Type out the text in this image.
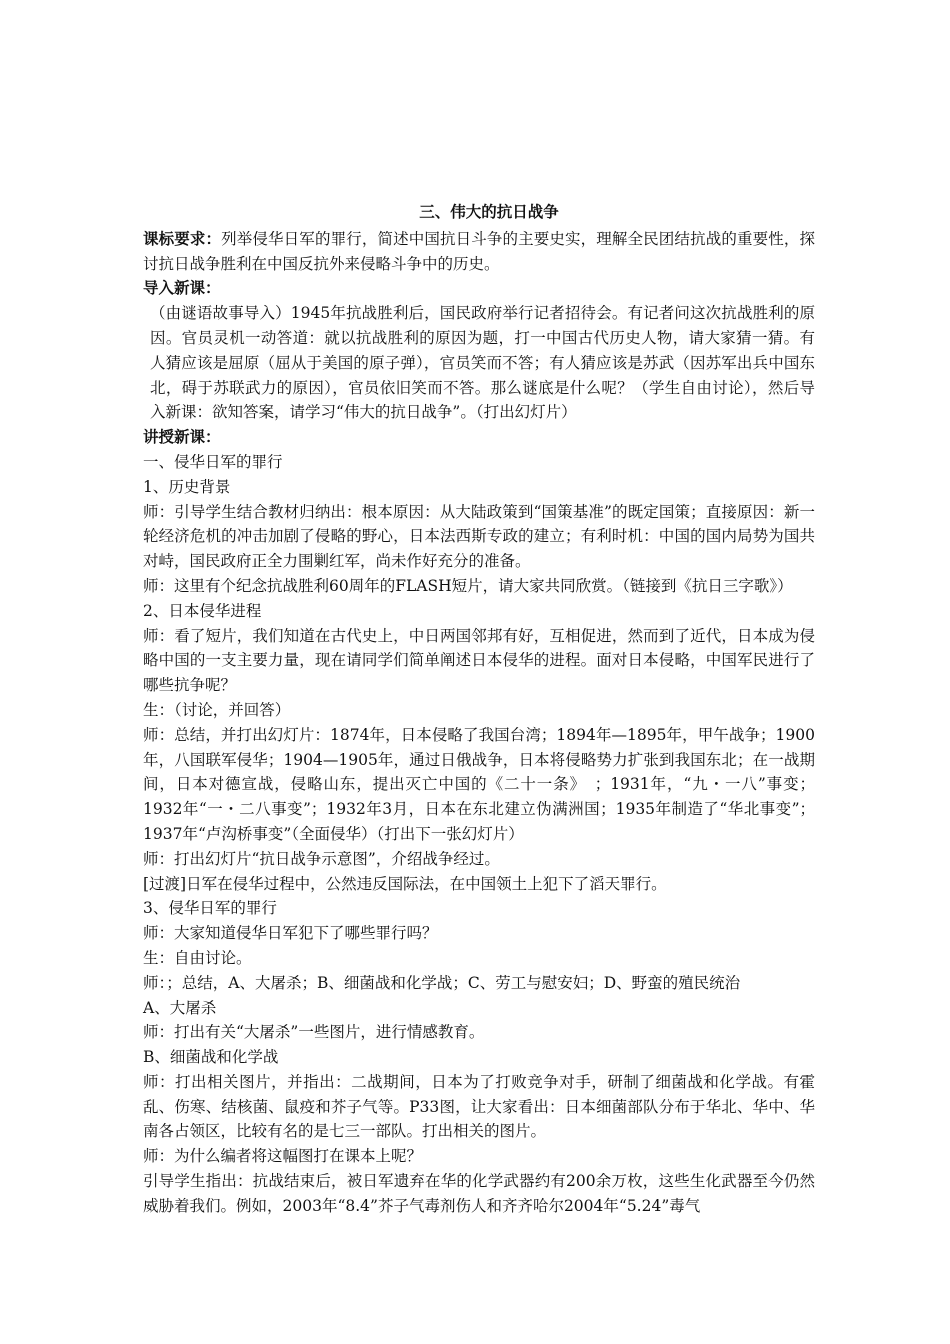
三、伟大的抗日战争

课标要求：列举侵华日军的罪行，简述中国抗日斗争的主要史实，理解全民团结抗战的重要性，探讨抗日战争胜利在中国反抗外来侵略斗争中的历史。

导入新课：

（由谜语故事导入）1945年抗战胜利后，国民政府举行记者招待会。有记者问这次抗战胜利的原因。官员灵机一动答道：就以抗战胜利的原因为题，打一中国古代历史人物，请大家猜一猜。有人猜应该是屈原（屈从于美国的原子弹），官员笑而不答；有人猜应该是苏武（因苏军出兵中国东北，碍于苏联武力的原因），官员依旧笑而不答。那么谜底是什么呢？（学生自由讨论），然后导入新课：欲知答案，请学习“伟大的抗日战争”。（打出幻灯片）

讲授新课：

一、侵华日军的罪行

1、历史背景

师：引导学生结合教材归纳出：根本原因：从大陆政策到“国策基准”的既定国策；直接原因：新一轮经济危机的冲击加剧了侵略的野心，日本法西斯专政的建立；有利时机：中国的国内局势为国共对峙，国民政府正全力围剿红军，尚未作好充分的准备。

师：这里有个纪念抗战胜利60周年的FLASH短片，请大家共同欣赏。（链接到《抗日三字歌》）

2、日本侵华进程

师：看了短片，我们知道在古代史上，中日两国邻邦有好，互相促进，然而到了近代，日本成为侵略中国的一支主要力量，现在请同学们简单阐述日本侵华的进程。面对日本侵略，中国军民进行了哪些抗争呢？

生：（讨论，并回答）

师：总结，并打出幻灯片：1874年，日本侵略了我国台湾；1894年—1895年，甲午战争；1900年，八国联军侵华；1904—1905年，通过日俄战争，日本将侵略势力扩张到我国东北；在一战期间，日本对德宣战，侵略山东，提出灭亡中国的《二十一条》　；1931年，“九・一八”事变；1932年“一・二八事变”；1932年3月，日本在东北建立伪满洲国；1935年制造了“华北事变”；1937年“卢沟桥事变”（全面侵华）（打出下一张幻灯片）

师：打出幻灯片“抗日战争示意图”，介绍战争经过。

[过渡]日军在侵华过程中，公然违反国际法，在中国领土上犯下了滔天罪行。

3、侵华日军的罪行

师：大家知道侵华日军犯下了哪些罪行吗？

生：自由讨论。

师：；总结，A、大屠杀；B、细菌战和化学战；C、劳工与慰安妇；D、野蛮的殖民统治

A、大屠杀

师：打出有关“大屠杀”一些图片，进行情感教育。

B、细菌战和化学战

师：打出相关图片，并指出：二战期间，日本为了打败竞争对手，研制了细菌战和化学战。有霍乱、伤寒、结核菌、鼠疫和芥子气等。P33图，让大家看出：日本细菌部队分布于华北、华中、华南各占领区，比较有名的是七三一部队。打出相关的图片。

师：为什么编者将这幅图打在课本上呢？

引导学生指出：抗战结束后，被日军遗弃在华的化学武器约有200余万枚，这些生化武器至今仍然威胁着我们。例如，2003年“8.4”芥子气毒剂伤人和齐齐哈尔2004年“5.24”毒气
